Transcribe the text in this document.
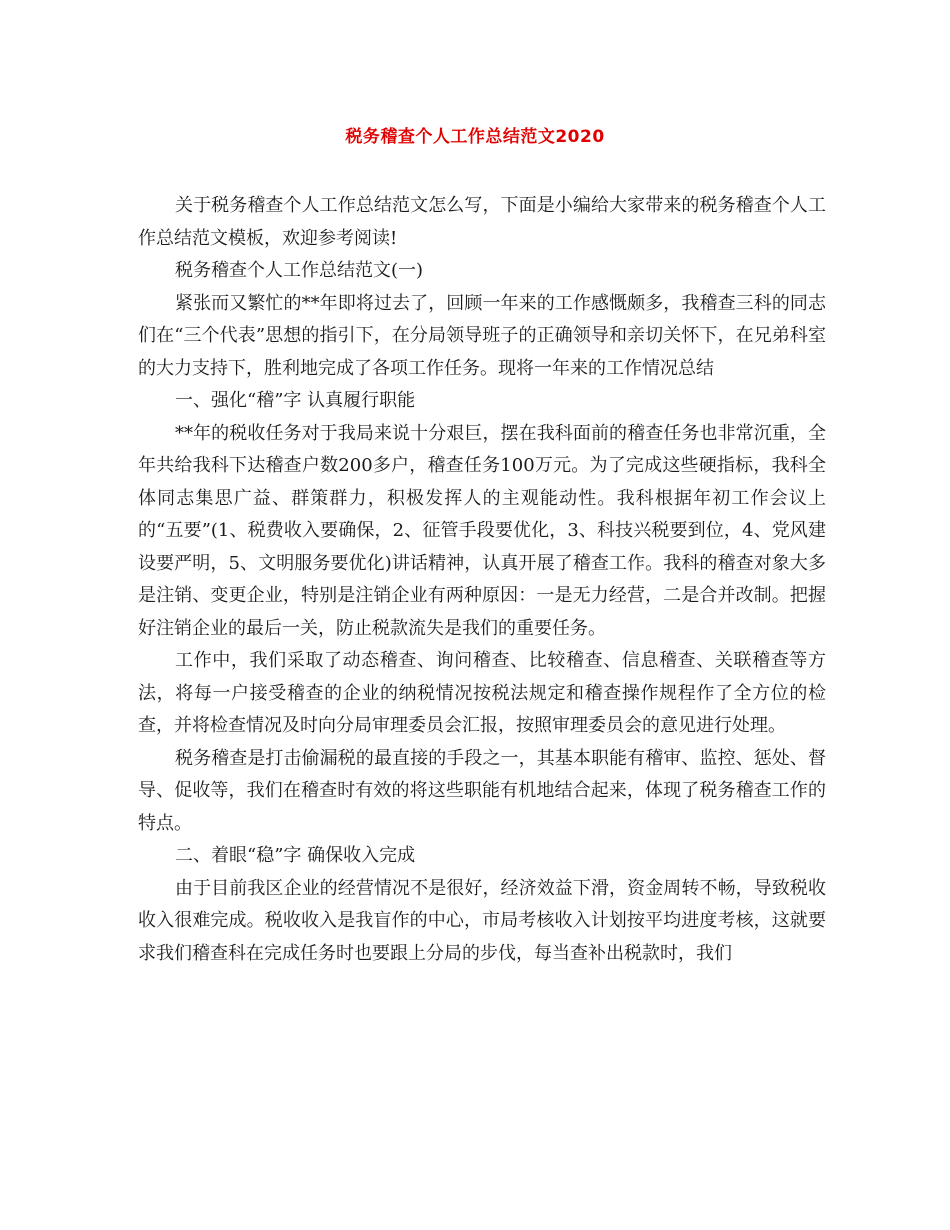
税务稽查个人工作总结范文2020

关于税务稽查个人工作总结范文怎么写，下面是小编给大家带来的税务稽查个人工作总结范文模板，欢迎参考阅读!

税务稽查个人工作总结范文(一)

紧张而又繁忙的**年即将过去了，回顾一年来的工作感慨颇多，我稽查三科的同志们在“三个代表”思想的指引下，在分局领导班子的正确领导和亲切关怀下，在兄弟科室的大力支持下，胜利地完成了各项工作任务。现将一年来的工作情况总结

一、强化“稽”字 认真履行职能

**年的税收任务对于我局来说十分艰巨，摆在我科面前的稽查任务也非常沉重，全年共给我科下达稽查户数200多户，稽查任务100万元。为了完成这些硬指标，我科全体同志集思广益、群策群力，积极发挥人的主观能动性。我科根据年初工作会议上的“五要”(1、税费收入要确保，2、征管手段要优化，3、科技兴税要到位，4、党风建设要严明，5、文明服务要优化)讲话精神，认真开展了稽查工作。我科的稽查对象大多是注销、变更企业，特别是注销企业有两种原因：一是无力经营，二是合并改制。把握好注销企业的最后一关，防止税款流失是我们的重要任务。

工作中，我们采取了动态稽查、询问稽查、比较稽查、信息稽查、关联稽查等方法，将每一户接受稽查的企业的纳税情况按税法规定和稽查操作规程作了全方位的检查，并将检查情况及时向分局审理委员会汇报，按照审理委员会的意见进行处理。

税务稽查是打击偷漏税的最直接的手段之一，其基本职能有稽审、监控、惩处、督导、促收等，我们在稽查时有效的将这些职能有机地结合起来，体现了税务稽查工作的特点。

二、着眼“稳”字 确保收入完成

由于目前我区企业的经营情况不是很好，经济效益下滑，资金周转不畅，导致税收收入很难完成。税收收入是我盲作的中心，市局考核收入计划按平均进度考核，这就要求我们稽查科在完成任务时也要跟上分局的步伐，每当查补出税款时，我们
